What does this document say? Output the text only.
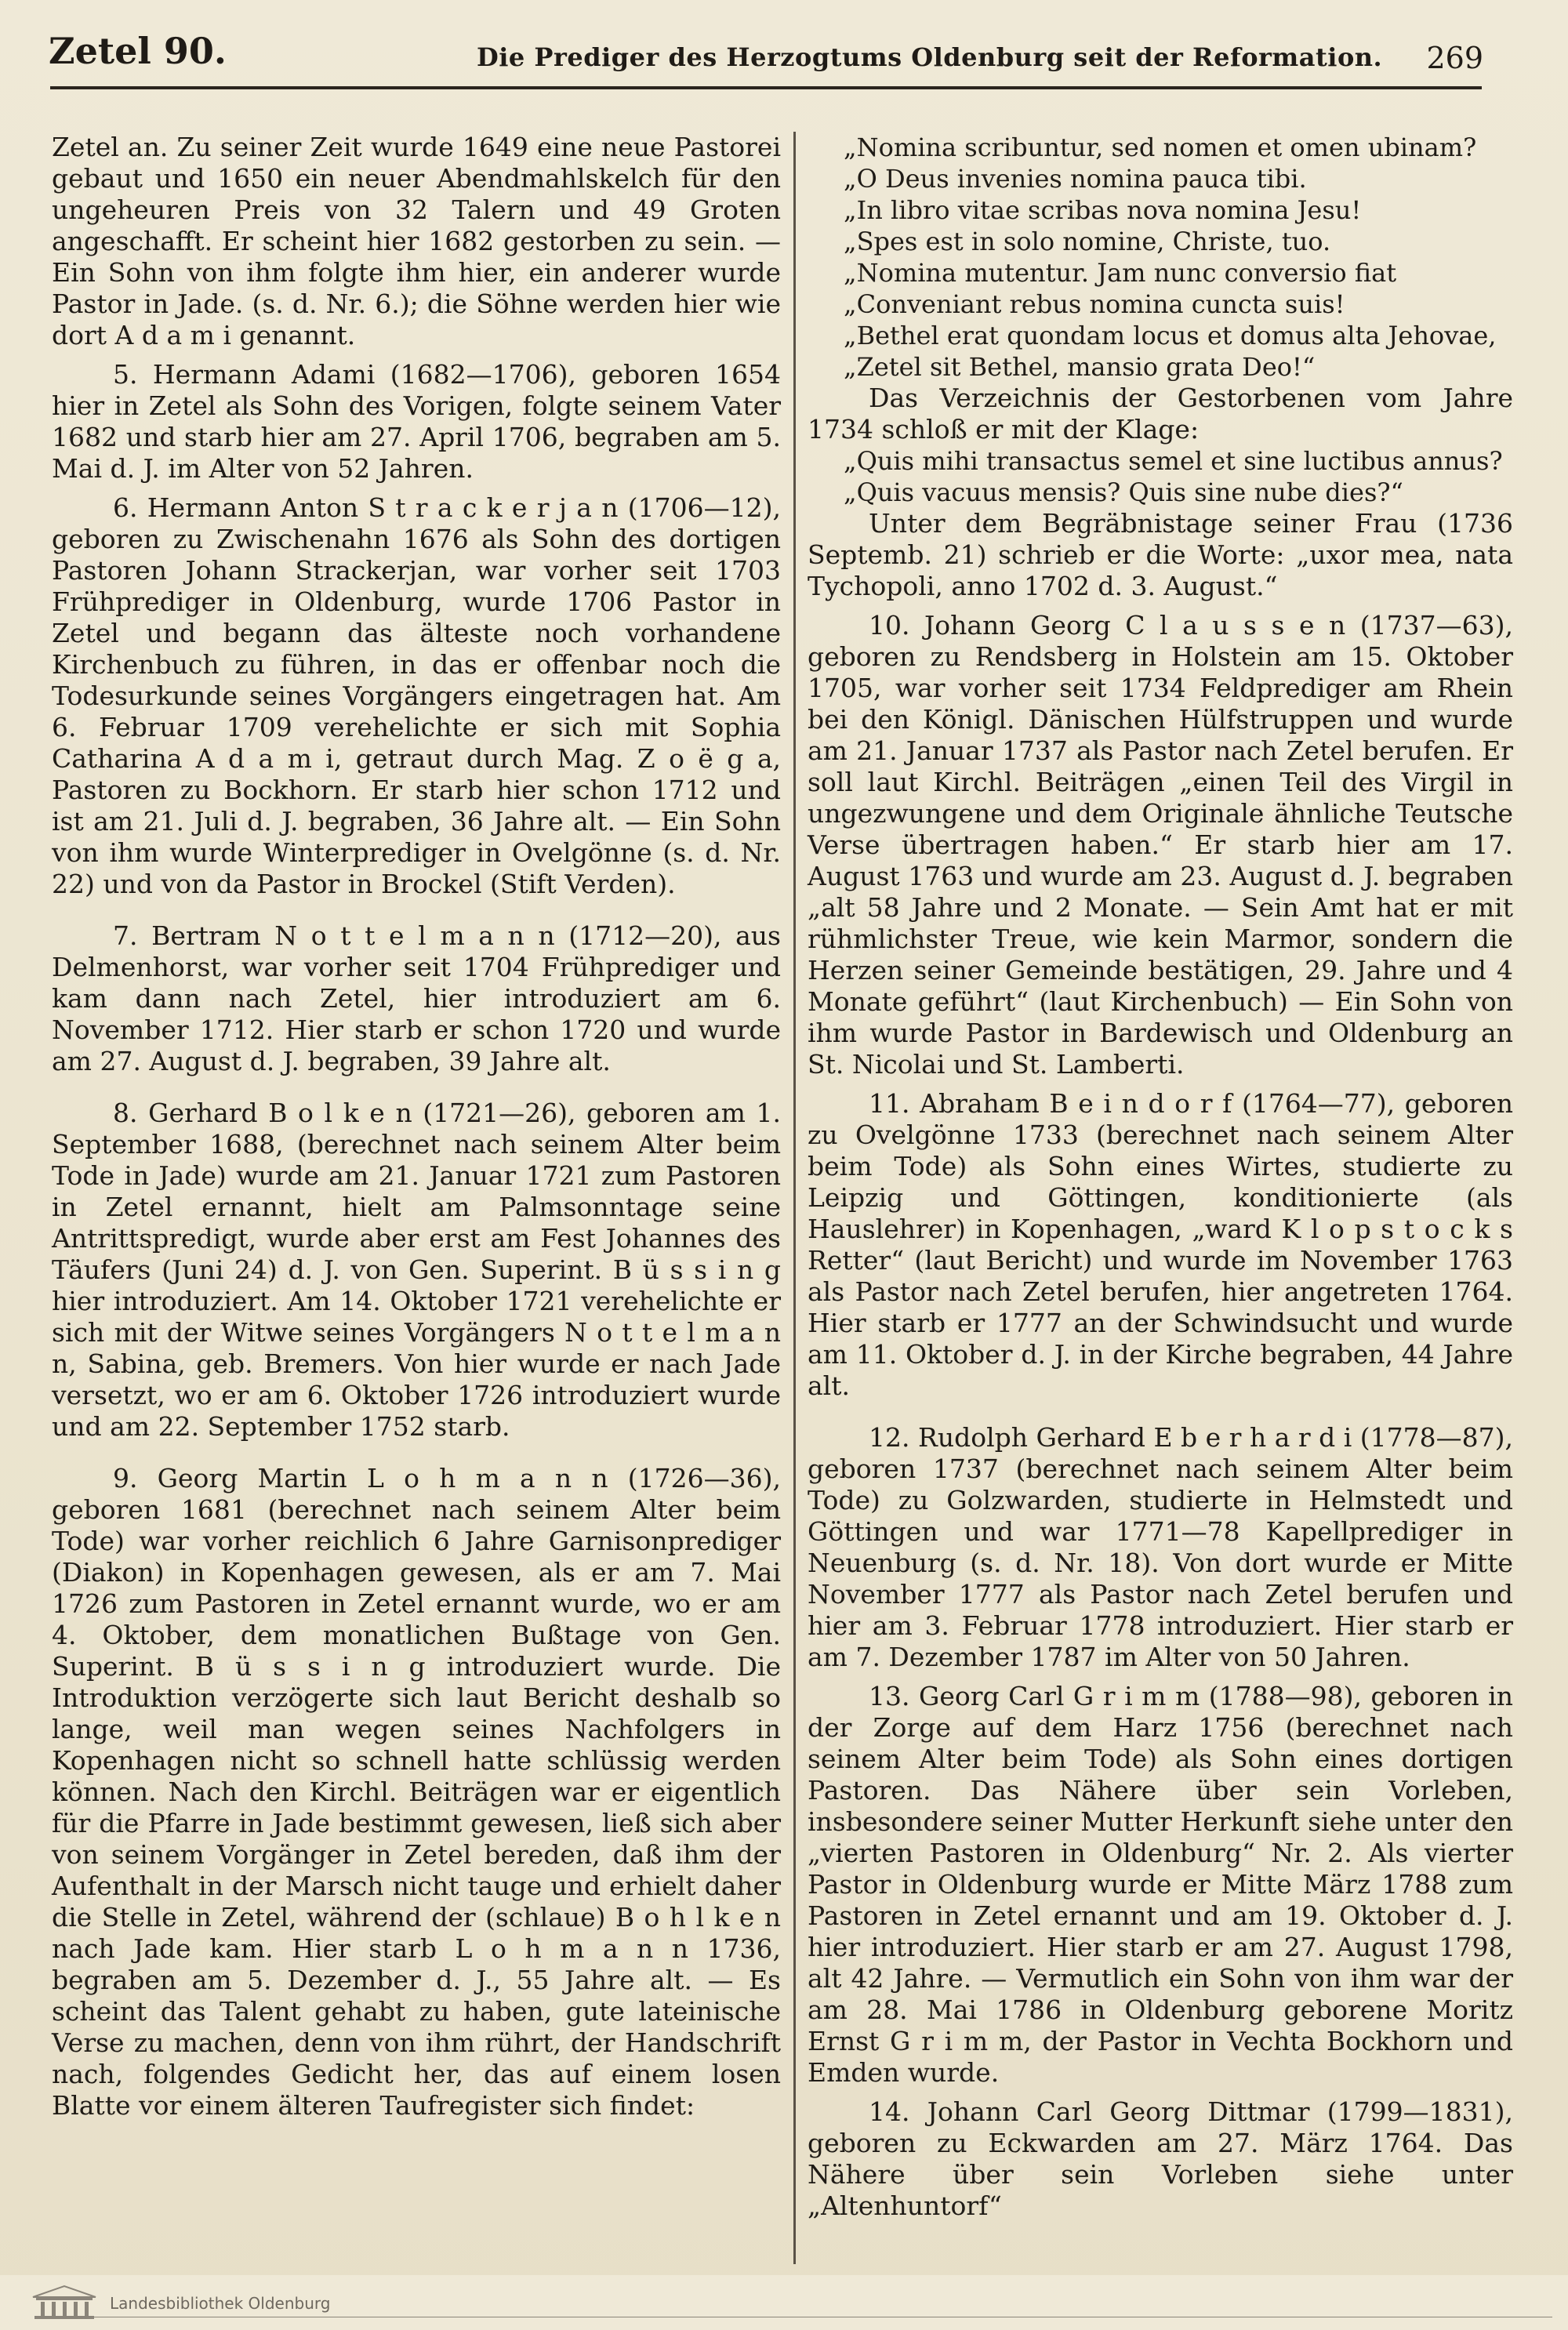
Zetel 90.	Die Prediger des Herzogtums Oldenburg seit der Reformation. 269

Zetel an. Zu seiner Zeit wurde 1649 eine neue Pastorei gebaut und 1650 ein neuer Abendmahlskelch für den ungeheuren Preis von 32 Talern und 49 Groten angeschafft. Er scheint hier 1682 gestorben zu sein. — Ein Sohn von ihm folgte ihm hier, ein anderer wurde Pastor in Jade. (s. d. Nr. 6.); die Söhne werden hier wie dort A d a m i genannt.

5. Hermann Adami (1682—1706), geboren 1654 hier in Zetel als Sohn des Vorigen, folgte seinem Vater 1682 und starb hier am 27. April 1706, begraben am 5. Mai d. J. im Alter von 52 Jahren.

6. Hermann Anton S t r a c k e r j a n (1706—12), geboren zu Zwischenahn 1676 als Sohn des dortigen Pastoren Johann Strackerjan, war vorher seit 1703 Frühprediger in Oldenburg, wurde 1706 Pastor in Zetel und begann das älteste noch vorhandene Kirchenbuch zu führen, in das er offenbar noch die Todesurkunde seines Vorgängers eingetragen hat. Am 6. Februar 1709 verehelichte er sich mit Sophia Catharina A d a m i, getraut durch Mag. Z o ë g a, Pastoren zu Bockhorn. Er starb hier schon 1712 und ist am 21. Juli d. J. begraben, 36 Jahre alt. — Ein Sohn von ihm wurde Winterprediger in Ovelgönne (s. d. Nr. 22) und von da Pastor in Brockel (Stift Verden).

7. Bertram N o t t e l m a n n (1712—20), aus Delmenhorst, war vorher seit 1704 Frühprediger und kam dann nach Zetel, hier introduziert am 6. November 1712. Hier starb er schon 1720 und wurde am 27. August d. J. begraben, 39 Jahre alt.

8. Gerhard B o l k e n (1721—26), geboren am 1. September 1688, (berechnet nach seinem Alter beim Tode in Jade) wurde am 21. Januar 1721 zum Pastoren in Zetel ernannt, hielt am Palmsonntage seine Antrittspredigt, wurde aber erst am Fest Johannes des Täufers (Juni 24) d. J. von Gen. Superint. B ü s s i n g hier introduziert. Am 14. Oktober 1721 verehelichte er sich mit der Witwe seines Vorgängers N o t t e l m a n n, Sabina, geb. Bremers. Von hier wurde er nach Jade versetzt, wo er am 6. Oktober 1726 introduziert wurde und am 22. September 1752 starb.

9. Georg Martin L o h m a n n (1726—36), geboren 1681 (berechnet nach seinem Alter beim Tode) war vorher reichlich 6 Jahre Garnisonprediger (Diakon) in Kopenhagen gewesen, als er am 7. Mai 1726 zum Pastoren in Zetel ernannt wurde, wo er am 4. Oktober, dem monatlichen Bußtage von Gen. Superint. B ü s s i n g introduziert wurde. Die Introduktion verzögerte sich laut Bericht deshalb so lange, weil man wegen seines Nachfolgers in Kopenhagen nicht so schnell hatte schlüssig werden können. Nach den Kirchl. Beiträgen war er eigentlich für die Pfarre in Jade bestimmt gewesen, ließ sich aber von seinem Vorgänger in Zetel bereden, daß ihm der Aufenthalt in der Marsch nicht tauge und erhielt daher die Stelle in Zetel, während der (schlaue) B o h l k e n nach Jade kam. Hier starb L o h m a n n 1736, begraben am 5. Dezember d. J., 55 Jahre alt. — Es scheint das Talent gehabt zu haben, gute lateinische Verse zu machen, denn von ihm rührt, der Handschrift nach, folgendes Gedicht her, das auf einem losen Blatte vor einem älteren Taufregister sich findet:

„Nomina scribuntur, sed nomen et omen ubinam?

„O Deus invenies nomina pauca tibi.

„In libro vitae scribas nova nomina Jesu!

„Spes est in solo nomine, Christe, tuo.

„Nomina mutentur. Jam nunc conversio fiat

„Conveniant rebus nomina cuncta suis!

„Bethel erat quondam locus et domus alta Jehovae,

„Zetel sit Bethel, mansio grata Deo!“

Das Verzeichnis der Gestorbenen vom Jahre 1734 schloß er mit der Klage:

„Quis mihi transactus semel et sine luctibus annus?

„Quis vacuus mensis? Quis sine nube dies?“

Unter dem Begräbnistage seiner Frau (1736 Septemb. 21) schrieb er die Worte: „uxor mea, nata Tychopoli, anno 1702 d. 3. August.“

10. Johann Georg C l a u s s e n (1737—63), geboren zu Rendsberg in Holstein am 15. Oktober 1705, war vorher seit 1734 Feldprediger am Rhein bei den Königl. Dänischen Hülfstruppen und wurde am 21. Januar 1737 als Pastor nach Zetel berufen. Er soll laut Kirchl. Beiträgen „einen Teil des Virgil in ungezwungene und dem Originale ähnliche Teutsche Verse übertragen haben.“ Er starb hier am 17. August 1763 und wurde am 23. August d. J. begraben „alt 58 Jahre und 2 Monate. — Sein Amt hat er mit rühmlichster Treue, wie kein Marmor, sondern die Herzen seiner Gemeinde bestätigen, 29. Jahre und 4 Monate geführt“ (laut Kirchenbuch) — Ein Sohn von ihm wurde Pastor in Bardewisch und Oldenburg an St. Nicolai und St. Lamberti.

11. Abraham B e i n d o r f (1764—77), geboren zu Ovelgönne 1733 (berechnet nach seinem Alter beim Tode) als Sohn eines Wirtes, studierte zu Leipzig und Göttingen, konditionierte (als Hauslehrer) in Kopenhagen, „ward K l o p s t o c k s Retter“ (laut Bericht) und wurde im November 1763 als Pastor nach Zetel berufen, hier angetreten 1764. Hier starb er 1777 an der Schwindsucht und wurde am 11. Oktober d. J. in der Kirche begraben, 44 Jahre alt.

12. Rudolph Gerhard E b e r h a r d i (1778—87), geboren 1737 (berechnet nach seinem Alter beim Tode) zu Golzwarden, studierte in Helmstedt und Göttingen und war 1771—78 Kapellprediger in Neuenburg (s. d. Nr. 18). Von dort wurde er Mitte November 1777 als Pastor nach Zetel berufen und hier am 3. Februar 1778 introduziert. Hier starb er am 7. Dezember 1787 im Alter von 50 Jahren.

13. Georg Carl G r i m m (1788—98), geboren in der Zorge auf dem Harz 1756 (berechnet nach seinem Alter beim Tode) als Sohn eines dortigen Pastoren. Das Nähere über sein Vorleben, insbesondere seiner Mutter Herkunft siehe unter den „vierten Pastoren in Oldenburg“ Nr. 2. Als vierter Pastor in Oldenburg wurde er Mitte März 1788 zum Pastoren in Zetel ernannt und am 19. Oktober d. J. hier introduziert. Hier starb er am 27. August 1798, alt 42 Jahre. — Vermutlich ein Sohn von ihm war der am 28. Mai 1786 in Oldenburg geborene Moritz Ernst G r i m m, der Pastor in Vechta Bockhorn und Emden wurde.

14. Johann Carl Georg Dittmar (1799—1831), geboren zu Eckwarden am 27. März 1764. Das Nähere über sein Vorleben siehe unter „Altenhuntorf“

Landesbibliothek Oldenburg
